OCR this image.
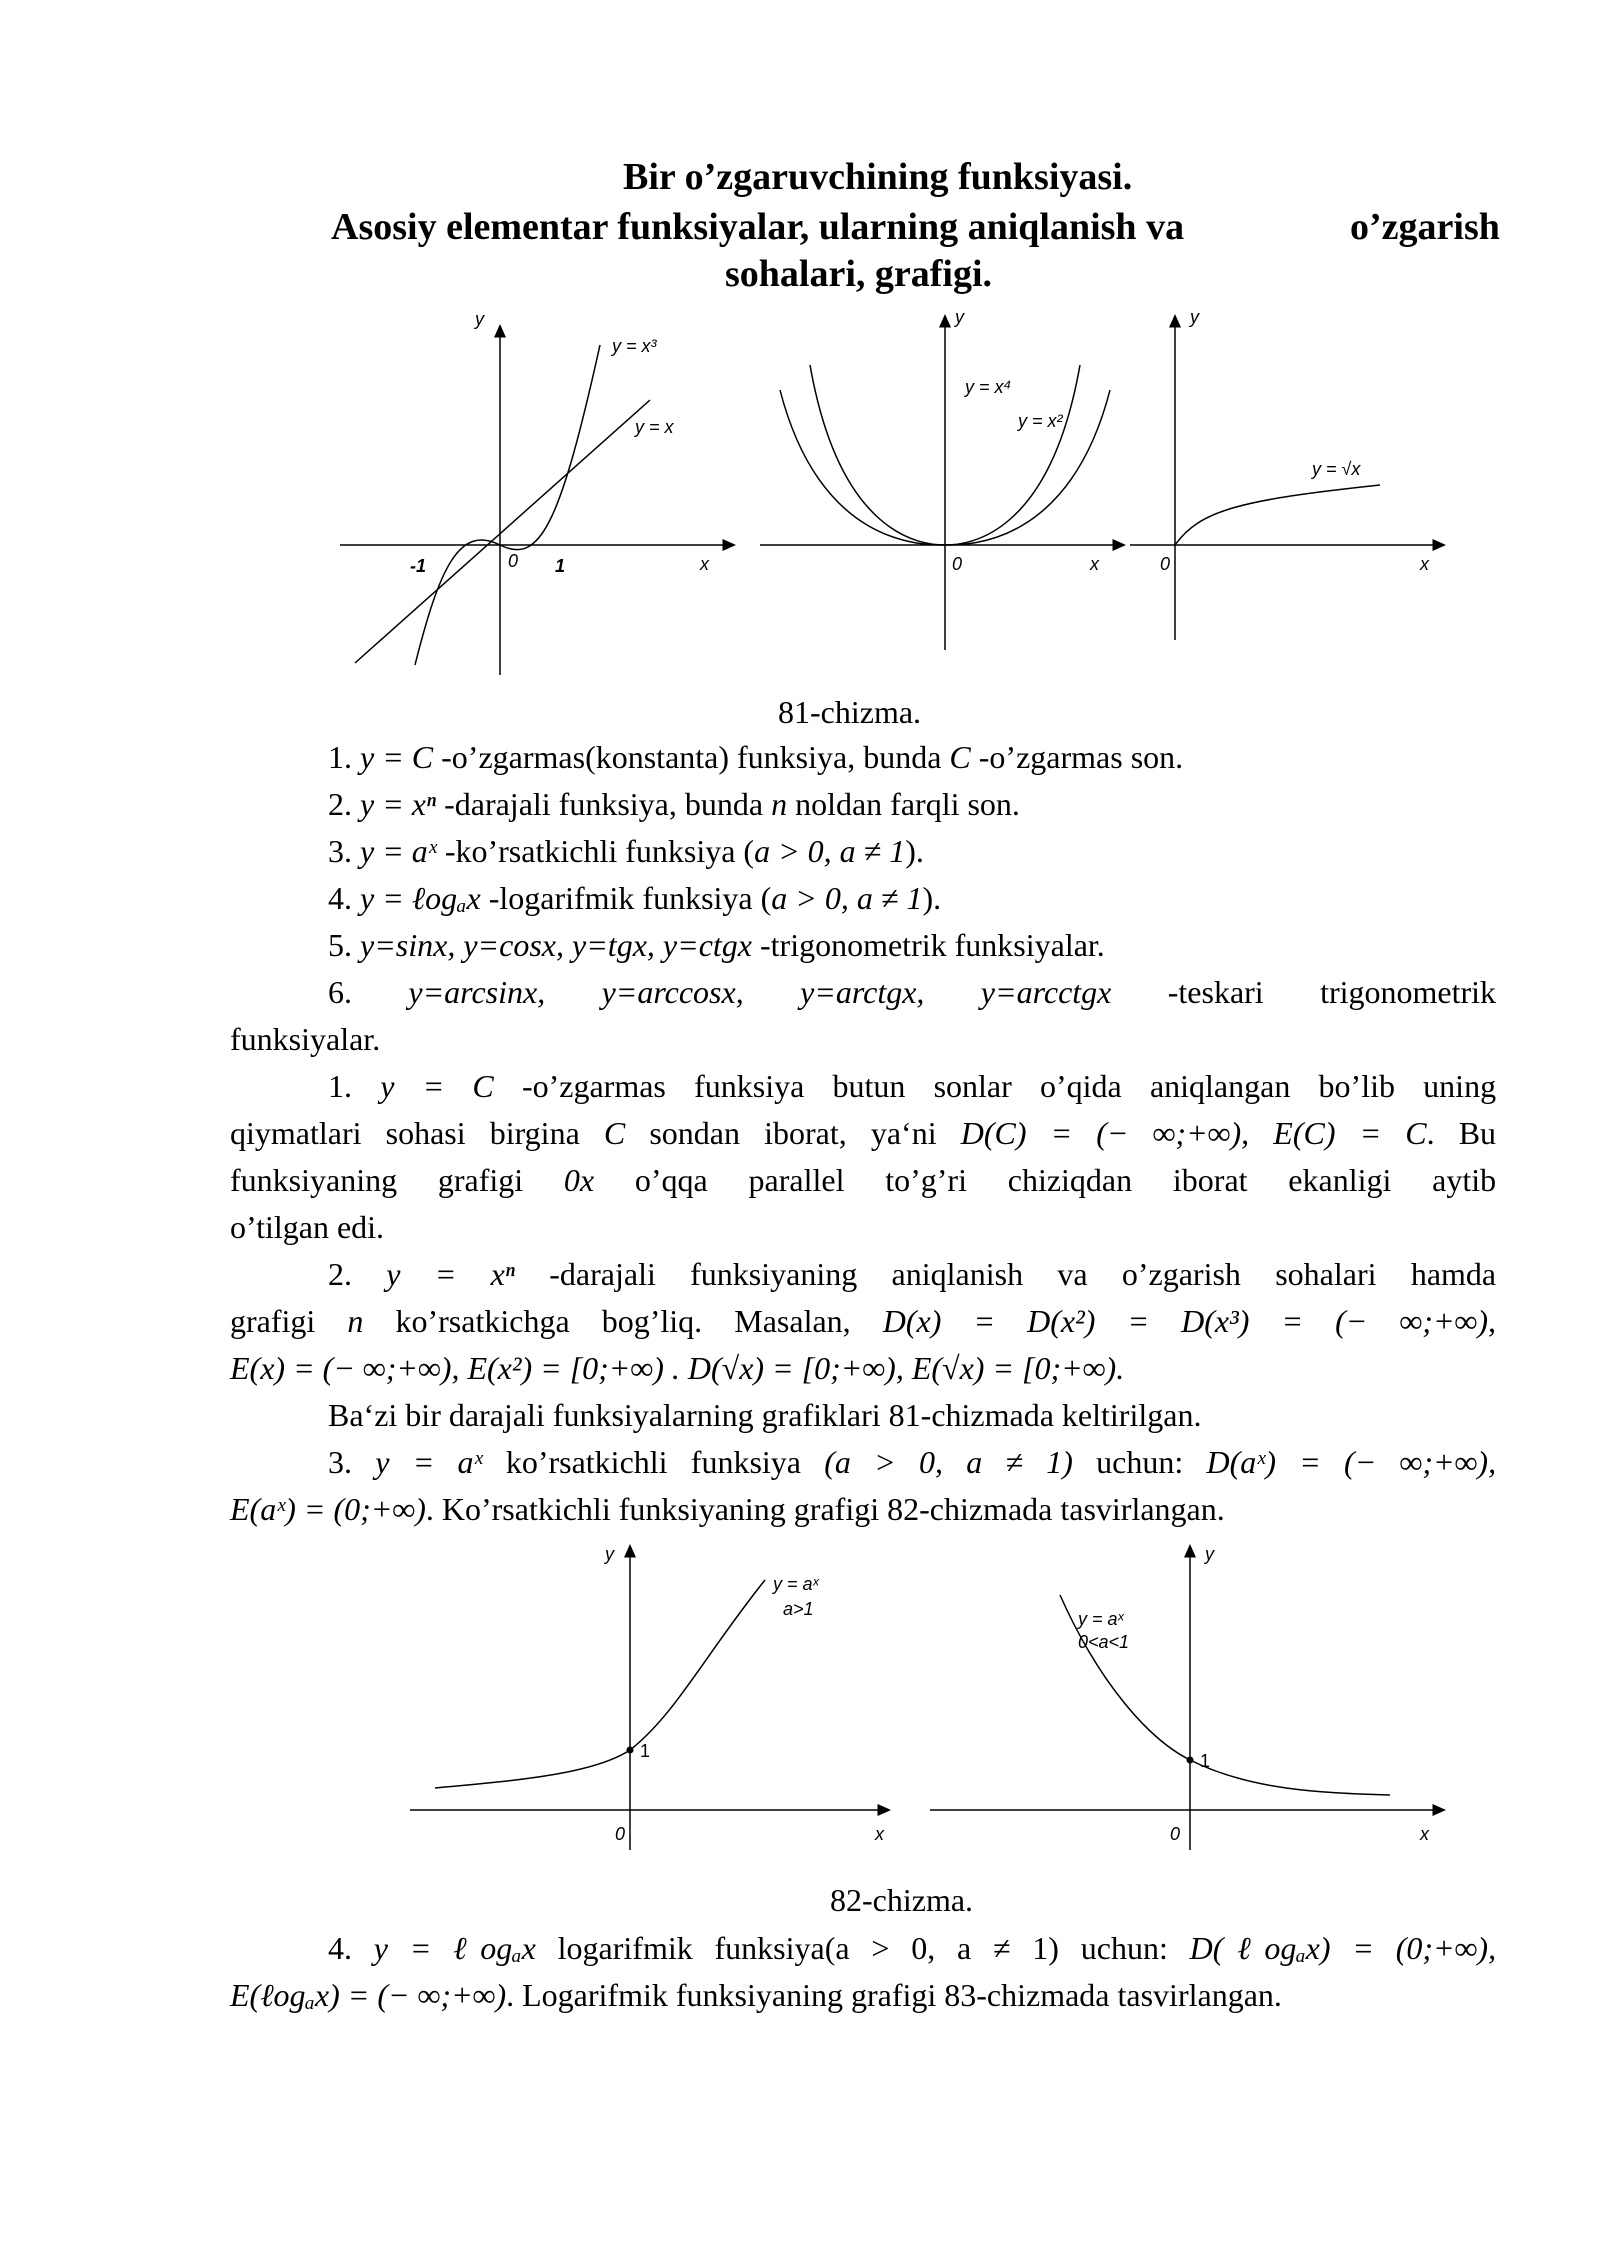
Bir o’zgaruvchining funksiyasi.
Asosiy elementar funksiyalar, ularning aniqlanish va	o’zgarish
sohalari, grafigi.
y
x
0
-1	1
y = x³
y = x
y
x
0
y = x⁴
y = x²
y
x
0
y = √x
81-chizma.
1. y = C -o’zgarmas(konstanta) funksiya, bunda C -o’zgarmas son.
2. y = xⁿ -darajali funksiya, bunda n noldan farqli son.
3. y = aˣ -ko’rsatkichli funksiya (a > 0, a ≠ 1).
4. y = ℓogₐx -logarifmik funksiya (a > 0, a ≠ 1).
5. y=sinx, y=cosx, y=tgx, y=ctgx -trigonometrik funksiyalar.
6. y=arcsinx, y=arccosx, y=arctgx, y=arcctgx -teskari trigonometrik
funksiyalar.
1. y = C -o’zgarmas funksiya butun sonlar o’qida aniqlangan bo’lib uning
qiymatlari sohasi birgina C sondan iborat, ya‘ni D(C) = (− ∞;+∞), E(C) = C. Bu
funksiyaning grafigi 0x o’qqa parallel to’g’ri chiziqdan iborat ekanligi aytib
o’tilgan edi.
2. y = xⁿ -darajali funksiyaning aniqlanish va o’zgarish sohalari hamda
grafigi n ko’rsatkichga bog’liq. Masalan, D(x) = D(x²) = D(x³) = (− ∞;+∞),
E(x) = (− ∞;+∞), E(x²) = [0;+∞) . D(√x) = [0;+∞), E(√x) = [0;+∞).
Ba‘zi bir darajali funksiyalarning grafiklari 81-chizmada keltirilgan.
3. y = aˣ ko’rsatkichli funksiya (a > 0, a ≠ 1) uchun: D(aˣ) = (− ∞;+∞),
E(aˣ) = (0;+∞). Ko’rsatkichli funksiyaning grafigi 82-chizmada tasvirlangan.
y
x
0
1
y = aˣ
a>1
y
x
0
1
y = aˣ
0<a<1
82-chizma.
4. y = ℓogₐx logarifmik funksiya(a > 0, a ≠ 1) uchun: D(ℓogₐx) = (0;+∞),
E(ℓogₐx) = (− ∞;+∞). Logarifmik funksiyaning grafigi 83-chizmada tasvirlangan.
